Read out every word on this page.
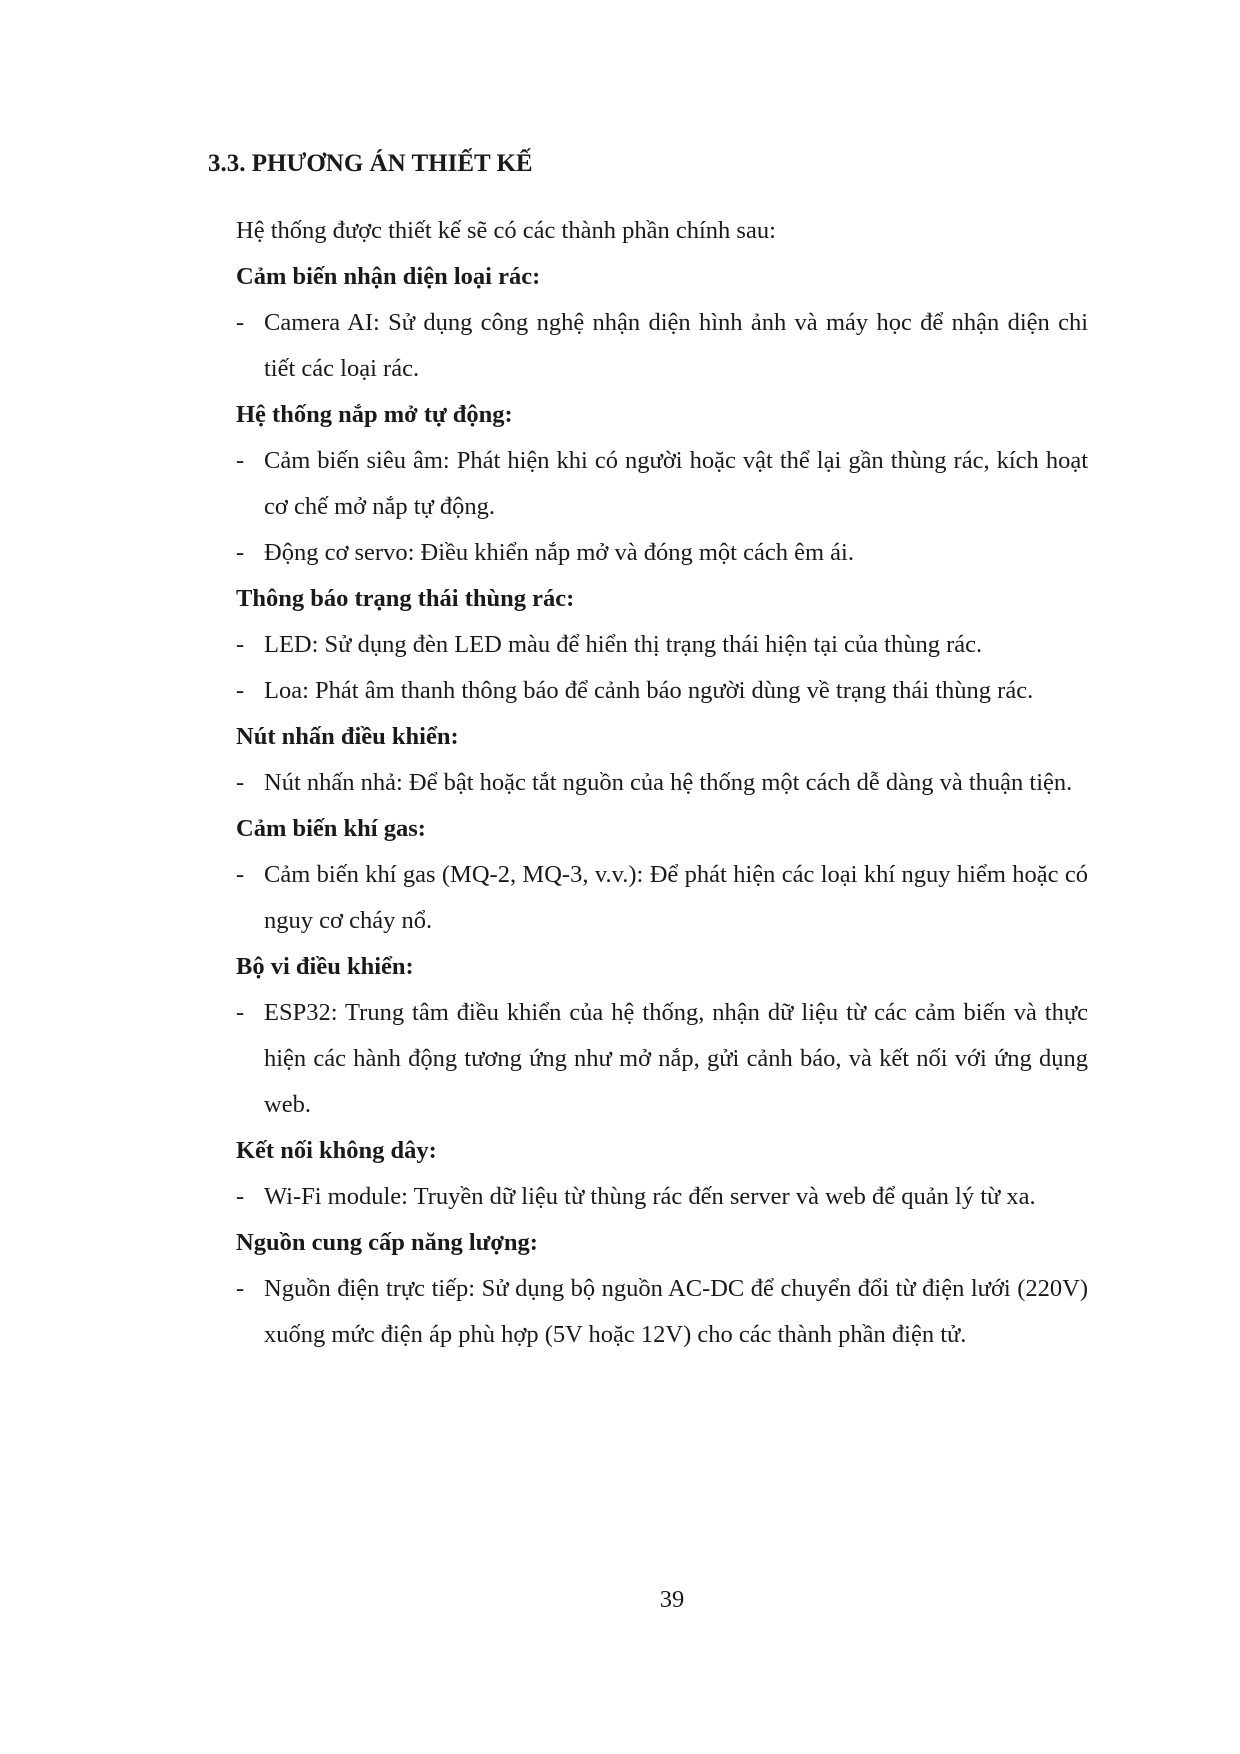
3.3. PHƯƠNG ÁN THIẾT KẾ

Hệ thống được thiết kế sẽ có các thành phần chính sau:

Cảm biến nhận diện loại rác:

- Camera AI: Sử dụng công nghệ nhận diện hình ảnh và máy học để nhận diện chi tiết các loại rác.

Hệ thống nắp mở tự động:

- Cảm biến siêu âm: Phát hiện khi có người hoặc vật thể lại gần thùng rác, kích hoạt cơ chế mở nắp tự động.

- Động cơ servo: Điều khiển nắp mở và đóng một cách êm ái.

Thông báo trạng thái thùng rác:

- LED: Sử dụng đèn LED màu để hiển thị trạng thái hiện tại của thùng rác.

- Loa: Phát âm thanh thông báo để cảnh báo người dùng về trạng thái thùng rác.

Nút nhấn điều khiển:

- Nút nhấn nhả: Để bật hoặc tắt nguồn của hệ thống một cách dễ dàng và thuận tiện.

Cảm biến khí gas:

- Cảm biến khí gas (MQ-2, MQ-3, v.v.): Để phát hiện các loại khí nguy hiểm hoặc có nguy cơ cháy nổ.

Bộ vi điều khiển:

- ESP32: Trung tâm điều khiển của hệ thống, nhận dữ liệu từ các cảm biến và thực hiện các hành động tương ứng như mở nắp, gửi cảnh báo, và kết nối với ứng dụng web.

Kết nối không dây:

- Wi-Fi module: Truyền dữ liệu từ thùng rác đến server và web để quản lý từ xa.

Nguồn cung cấp năng lượng:

- Nguồn điện trực tiếp: Sử dụng bộ nguồn AC-DC để chuyển đổi từ điện lưới (220V) xuống mức điện áp phù hợp (5V hoặc 12V) cho các thành phần điện tử.

39
